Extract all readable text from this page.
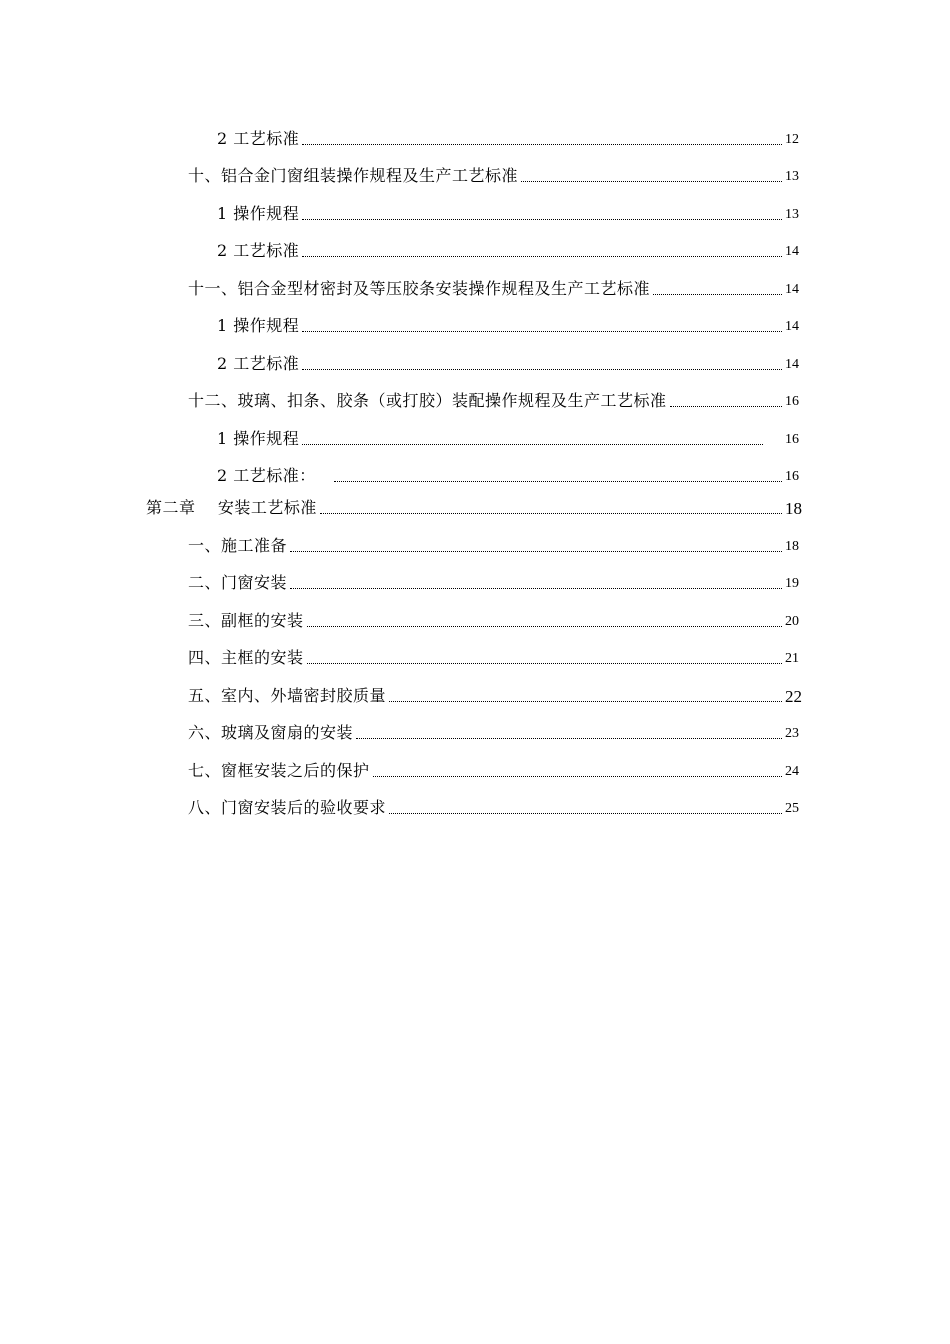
2 工艺标准	12
十、铝合金门窗组装操作规程及生产工艺标准	13
1 操作规程	13
2 工艺标准	14
十一、铝合金型材密封及等压胶条安装操作规程及生产工艺标准	14
1 操作规程	14
2 工艺标准	14
十二、玻璃、扣条、胶条（或打胶）装配操作规程及生产工艺标准	16
1 操作规程	16
2 工艺标准：	16
第二章    安装工艺标准	18
一、施工准备	18
二、门窗安装	19
三、副框的安装	20
四、主框的安装	21
五、室内、外墙密封胶质量	22
六、玻璃及窗扇的安装	23
七、窗框安装之后的保护	24
八、门窗安装后的验收要求	25
